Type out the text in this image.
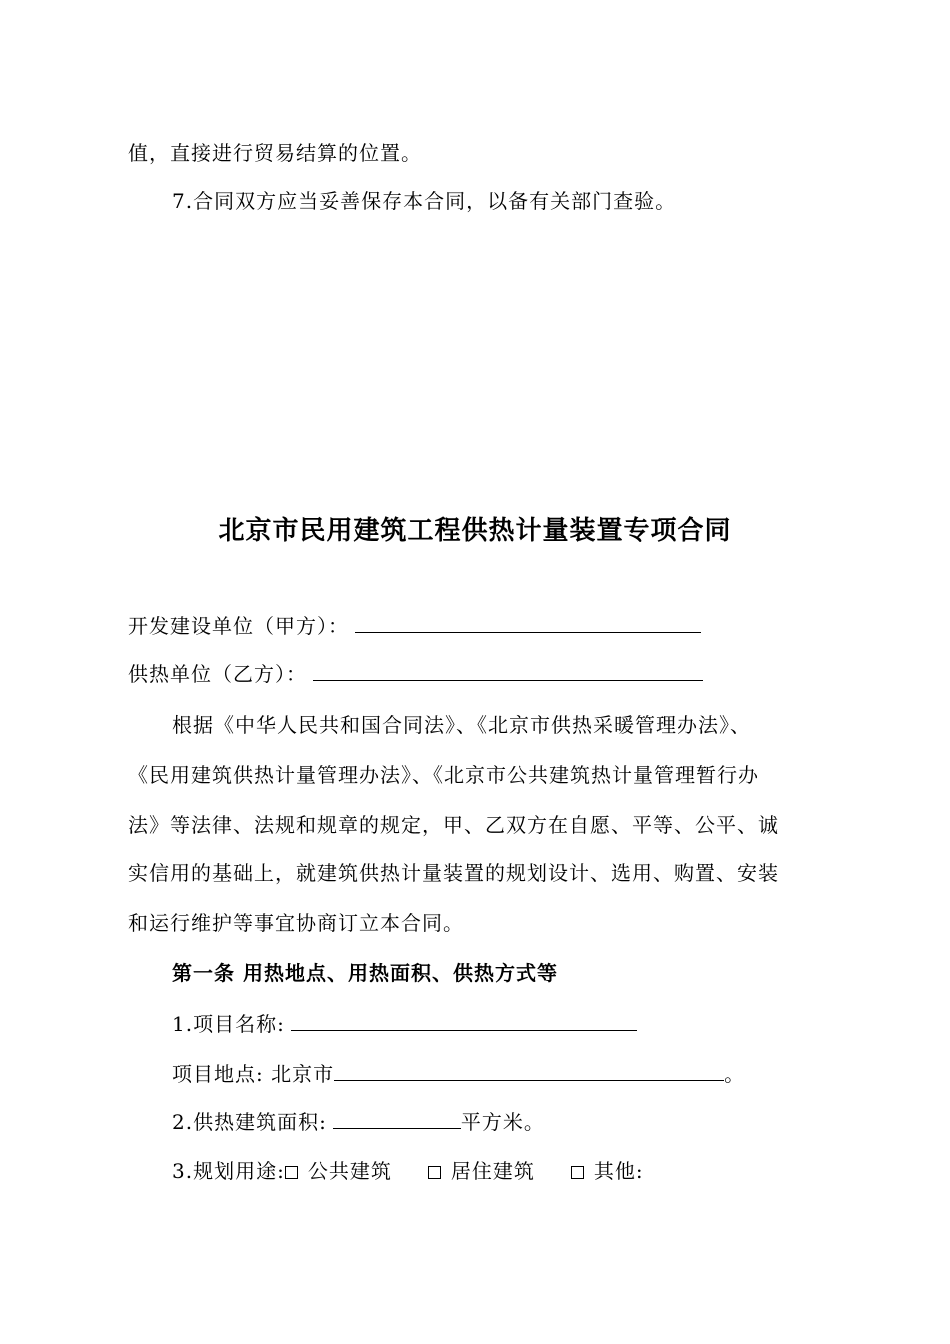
值，直接进行贸易结算的位置。
7.合同双方应当妥善保存本合同，以备有关部门查验。
北京市民用建筑工程供热计量装置专项合同
开发建设单位（甲方）：
供热单位（乙方）：
根据《中华人民共和国合同法》、《北京市供热采暖管理办法》、
《民用建筑供热计量管理办法》、《北京市公共建筑热计量管理暂行办
法》等法律、法规和规章的规定，甲、乙双方在自愿、平等、公平、诚
实信用的基础上，就建筑供热计量装置的规划设计、选用、购置、安装
和运行维护等事宜协商订立本合同。
第一条 用热地点、用热面积、供热方式等
1.项目名称:
项目地点: 北京市	。
2.供热建筑面积:	平方米。
3.规划用途: 公共建筑	居住建筑	其他:
